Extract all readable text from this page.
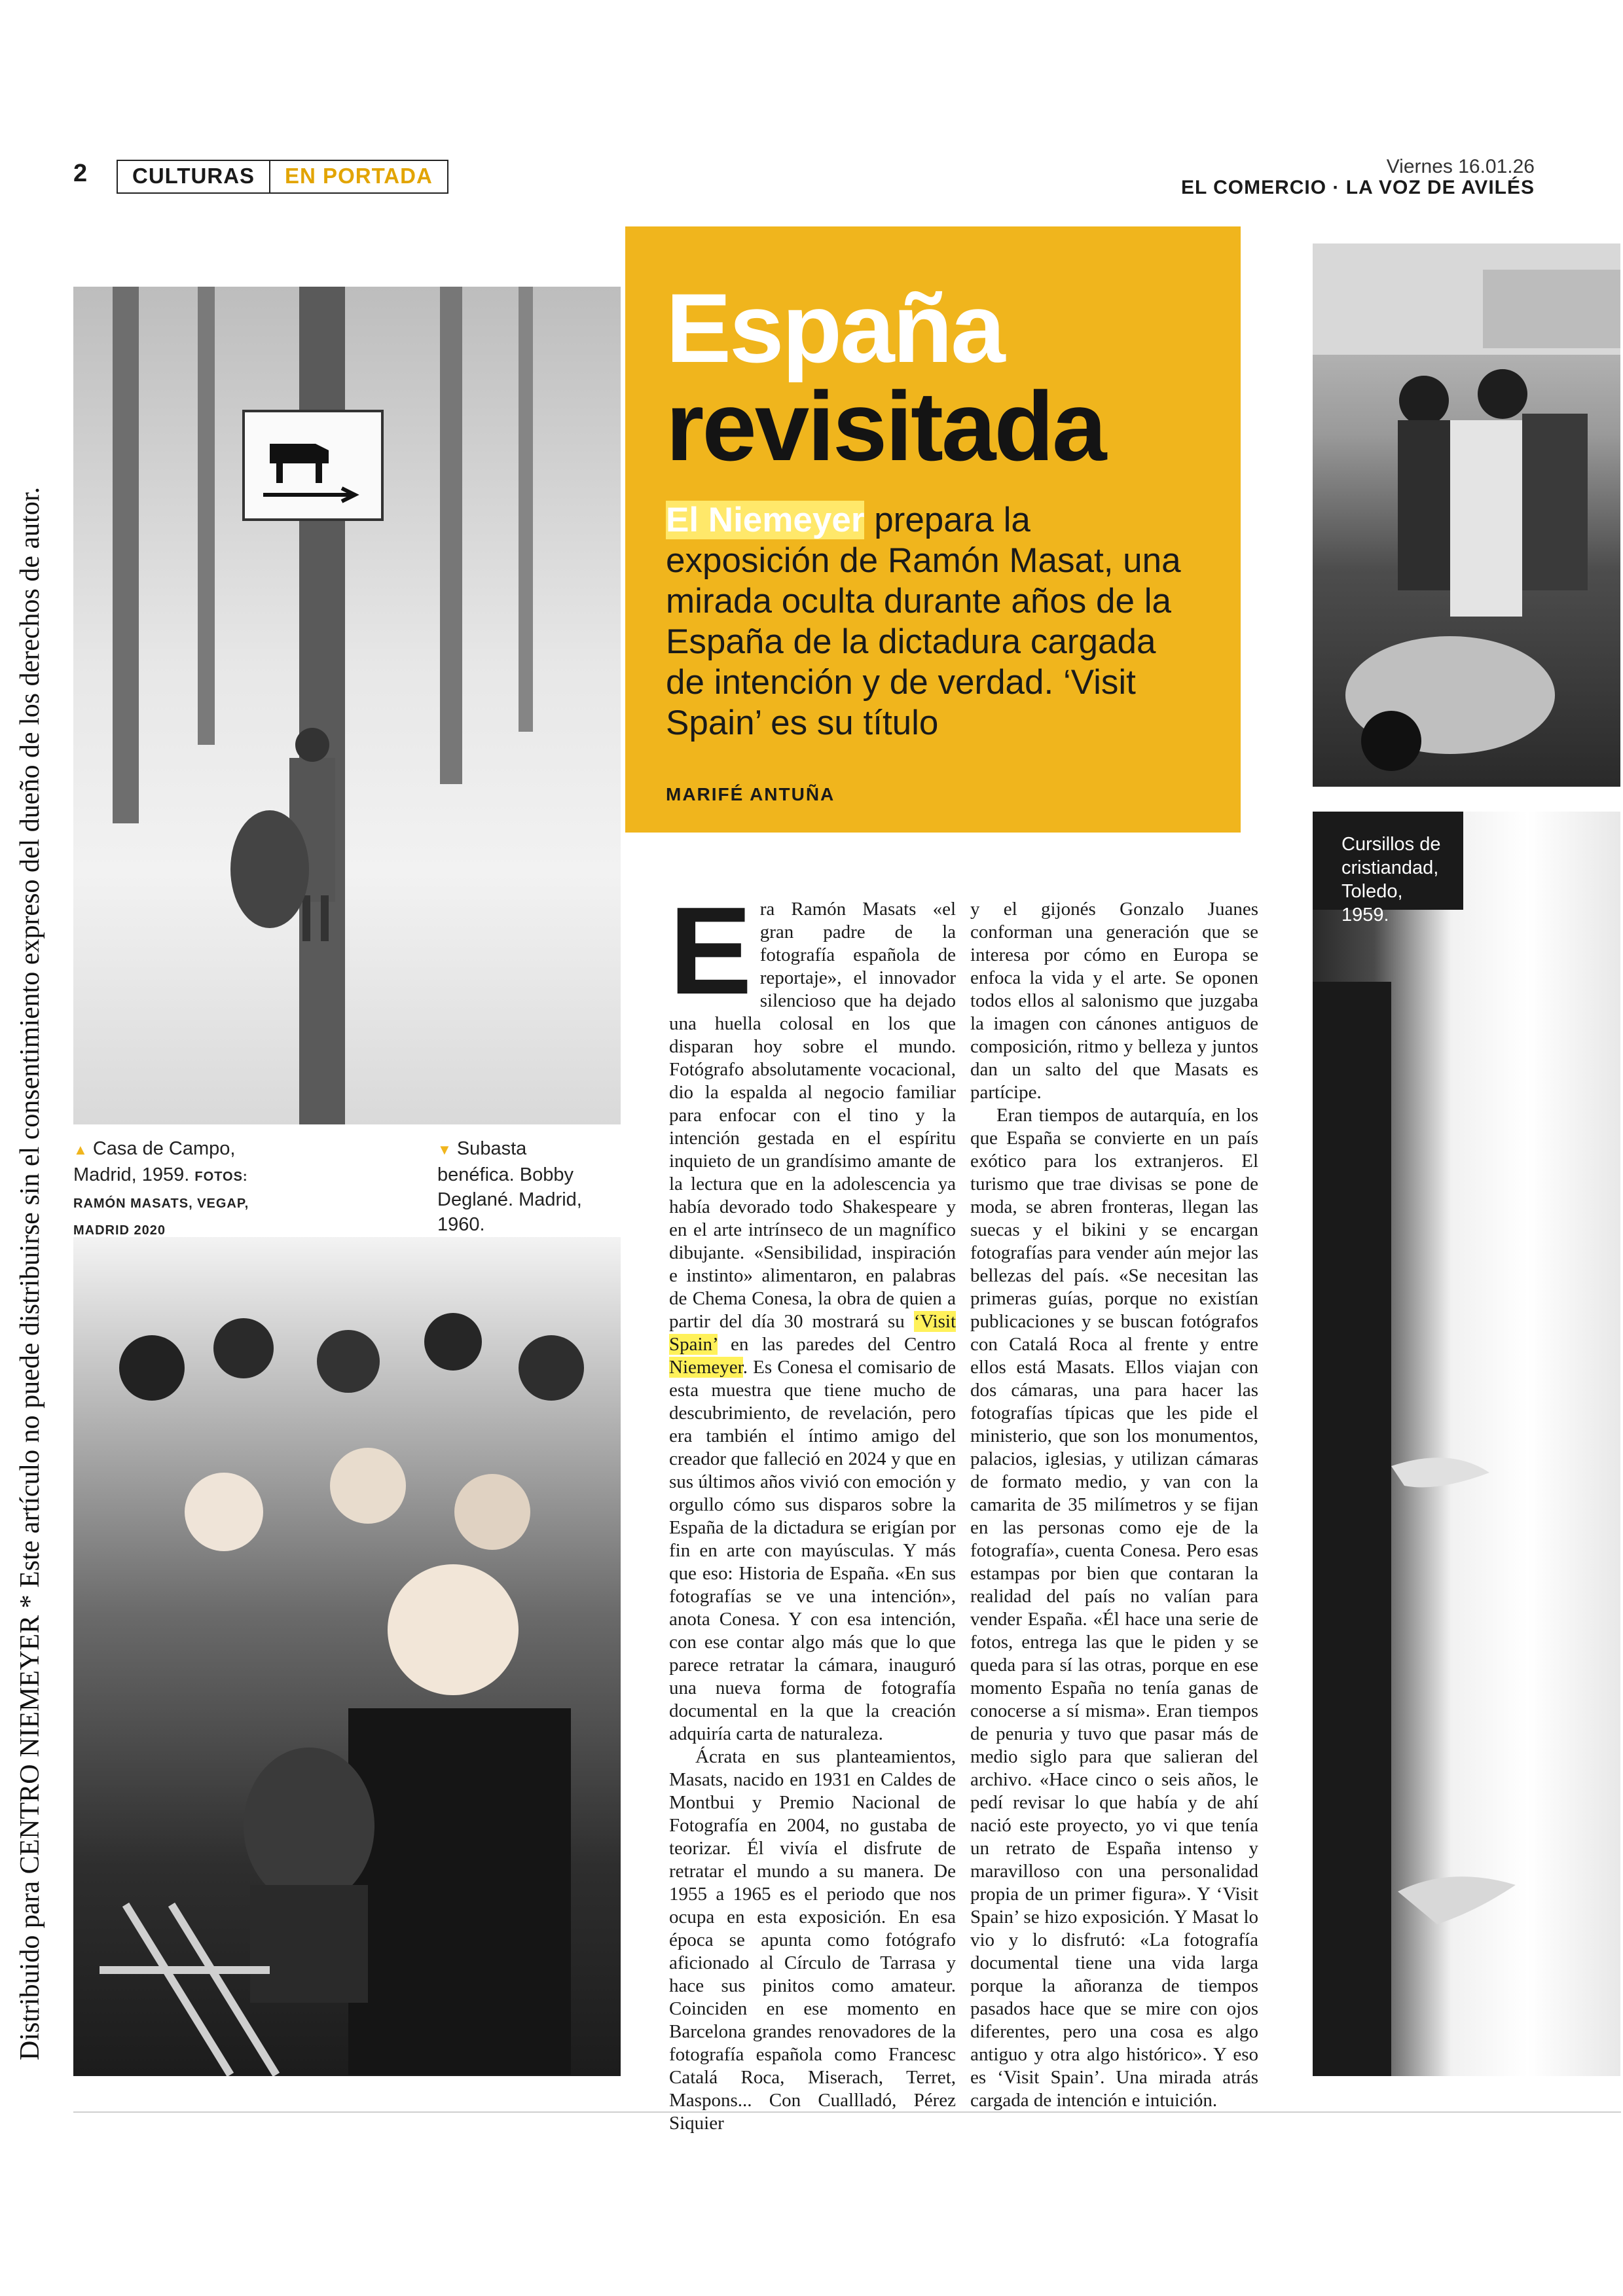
2	CULTURAS	EN PORTADA	Viernes 16.01.26
EL COMERCIO · LA VOZ DE AVILÉS
Distribuido para CENTRO NIEMEYER * Este artículo no puede distribuirse sin el consentimiento expreso del dueño de los derechos de autor.
España
revisitada
El Niemeyer prepara la exposición de Ramón Masat, una mirada oculta durante años de la España de la dictadura cargada de intención y de verdad. ‘Visit Spain’ es su título
MARIFÉ ANTUÑA
▲ Casa de Campo, Madrid, 1959. FOTOS: RAMÓN MASATS, VEGAP, MADRID 2020
▼ Subasta benéfica. Bobby Deglané. Madrid, 1960.
Cursillos de cristiandad, Toledo, 1959.

Era Ramón Masats «el gran padre de la fotografía española de reportaje», el innovador silencioso que ha dejado una huella colosal en los que disparan hoy sobre el mundo. Fotógrafo absolutamente vocacional, dio la espalda al negocio familiar para enfocar con el tino y la intención gestada en el espíritu inquieto de un grandísimo amante de la lectura que en la adolescencia ya había devorado todo Shakespeare y en el arte intrínseco de un magnífico dibujante. «Sensibilidad, inspiración e instinto» alimentaron, en palabras de Chema Conesa, la obra de quien a partir del día 30 mostrará su ‘Visit Spain’ en las paredes del Centro Niemeyer. Es Conesa el comisario de esta muestra que tiene mucho de descubrimiento, de revelación, pero era también el íntimo amigo del creador que falleció en 2024 y que en sus últimos años vivió con emoción y orgullo cómo sus disparos sobre la España de la dictadura se erigían por fin en arte con mayúsculas. Y más que eso: Historia de España. «En sus fotografías se ve una intención», anota Conesa. Y con esa intención, con ese contar algo más que lo que parece retratar la cámara, inauguró una nueva forma de fotografía documental en la que la creación adquiría carta de naturaleza.

Ácrata en sus planteamientos, Masats, nacido en 1931 en Caldes de Montbui y Premio Nacional de Fotografía en 2004, no gustaba de teorizar. Él vivía el disfrute de retratar el mundo a su manera. De 1955 a 1965 es el periodo que nos ocupa en esta exposición. En esa época se apunta como fotógrafo aficionado al Círculo de Tarrasa y hace sus pinitos como amateur. Coinciden en ese momento en Barcelona grandes renovadores de la fotografía española como Francesc Catalá Roca, Miserach, Terret, Maspons... Con Cuallladó, Pérez Siquier

y el gijonés Gonzalo Juanes conforman una generación que se interesa por cómo en Europa se enfoca la vida y el arte. Se oponen todos ellos al salonismo que juzgaba la imagen con cánones antiguos de composición, ritmo y belleza y juntos dan un salto del que Masats es partícipe.

Eran tiempos de autarquía, en los que España se convierte en un país exótico para los extranjeros. El turismo que trae divisas se pone de moda, se abren fronteras, llegan las suecas y el bikini y se encargan fotografías para vender aún mejor las bellezas del país. «Se necesitan las primeras guías, porque no existían publicaciones y se buscan fotógrafos con Catalá Roca al frente y entre ellos está Masats. Ellos viajan con dos cámaras, una para hacer las fotografías típicas que les pide el ministerio, que son los monumentos, palacios, iglesias, y utilizan cámaras de formato medio, y van con la camarita de 35 milímetros y se fijan en las personas como eje de la fotografía», cuenta Conesa. Pero esas estampas por bien que contaran la realidad del país no valían para vender España. «Él hace una serie de fotos, entrega las que le piden y se queda para sí las otras, porque en ese momento España no tenía ganas de conocerse a sí misma». Eran tiempos de penuria y tuvo que pasar más de medio siglo para que salieran del archivo. «Hace cinco o seis años, le pedí revisar lo que había y de ahí nació este proyecto, yo vi que tenía un retrato de España intenso y maravilloso con una personalidad propia de un primer figura». Y ‘Visit Spain’ se hizo exposición. Y Masat lo vio y lo disfrutó: «La fotografía documental tiene una vida larga porque la añoranza de tiempos pasados hace que se mire con ojos diferentes, pero una cosa es algo antiguo y otra algo histórico». Y eso es ‘Visit Spain’. Una mirada atrás cargada de intención e intuición.
